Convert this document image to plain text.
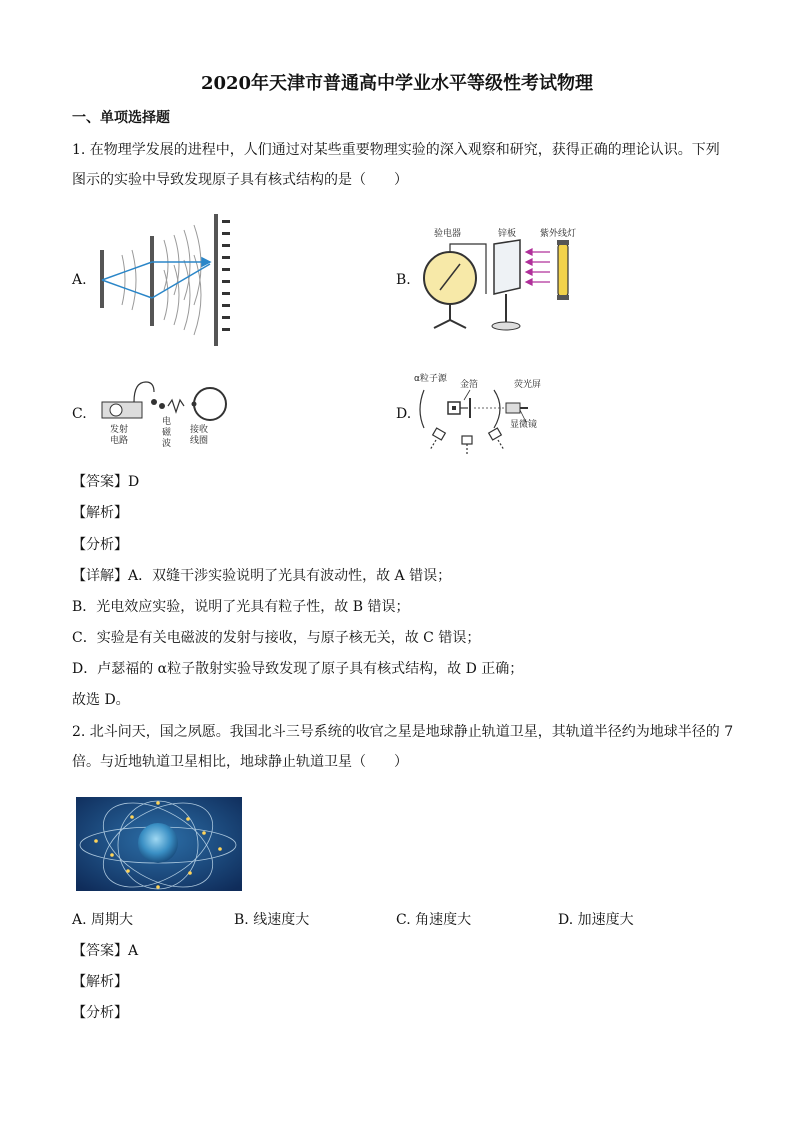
2020年天津市普通高中学业水平等级性考试物理
一、单项选择题
1. 在物理学发展的进程中，人们通过对某些重要物理实验的深入观察和研究，获得正确的理论认识。下列
图示的实验中导致发现原子具有核式结构的是（　　）
A.	B.
验电器	锌板	紫外线灯
C.
发射
电路
电
磁
波
接收
线圈
D.
α粒子源
金箔	荧光屏
显微镜
【答案】D
【解析】
【分析】
【详解】A．双缝干涉实验说明了光具有波动性，故 A 错误；
B．光电效应实验，说明了光具有粒子性，故 B 错误；
C．实验是有关电磁波的发射与接收，与原子核无关，故 C 错误；
D．卢瑟福的 α粒子散射实验导致发现了原子具有核式结构，故 D 正确；
故选 D。
2. 北斗问天，国之夙愿。我国北斗三号系统的收官之星是地球静止轨道卫星，其轨道半径约为地球半径的 7
倍。与近地轨道卫星相比，地球静止轨道卫星（　　）
A. 周期大	B. 线速度大	C. 角速度大	D. 加速度大
【答案】A
【解析】
【分析】
